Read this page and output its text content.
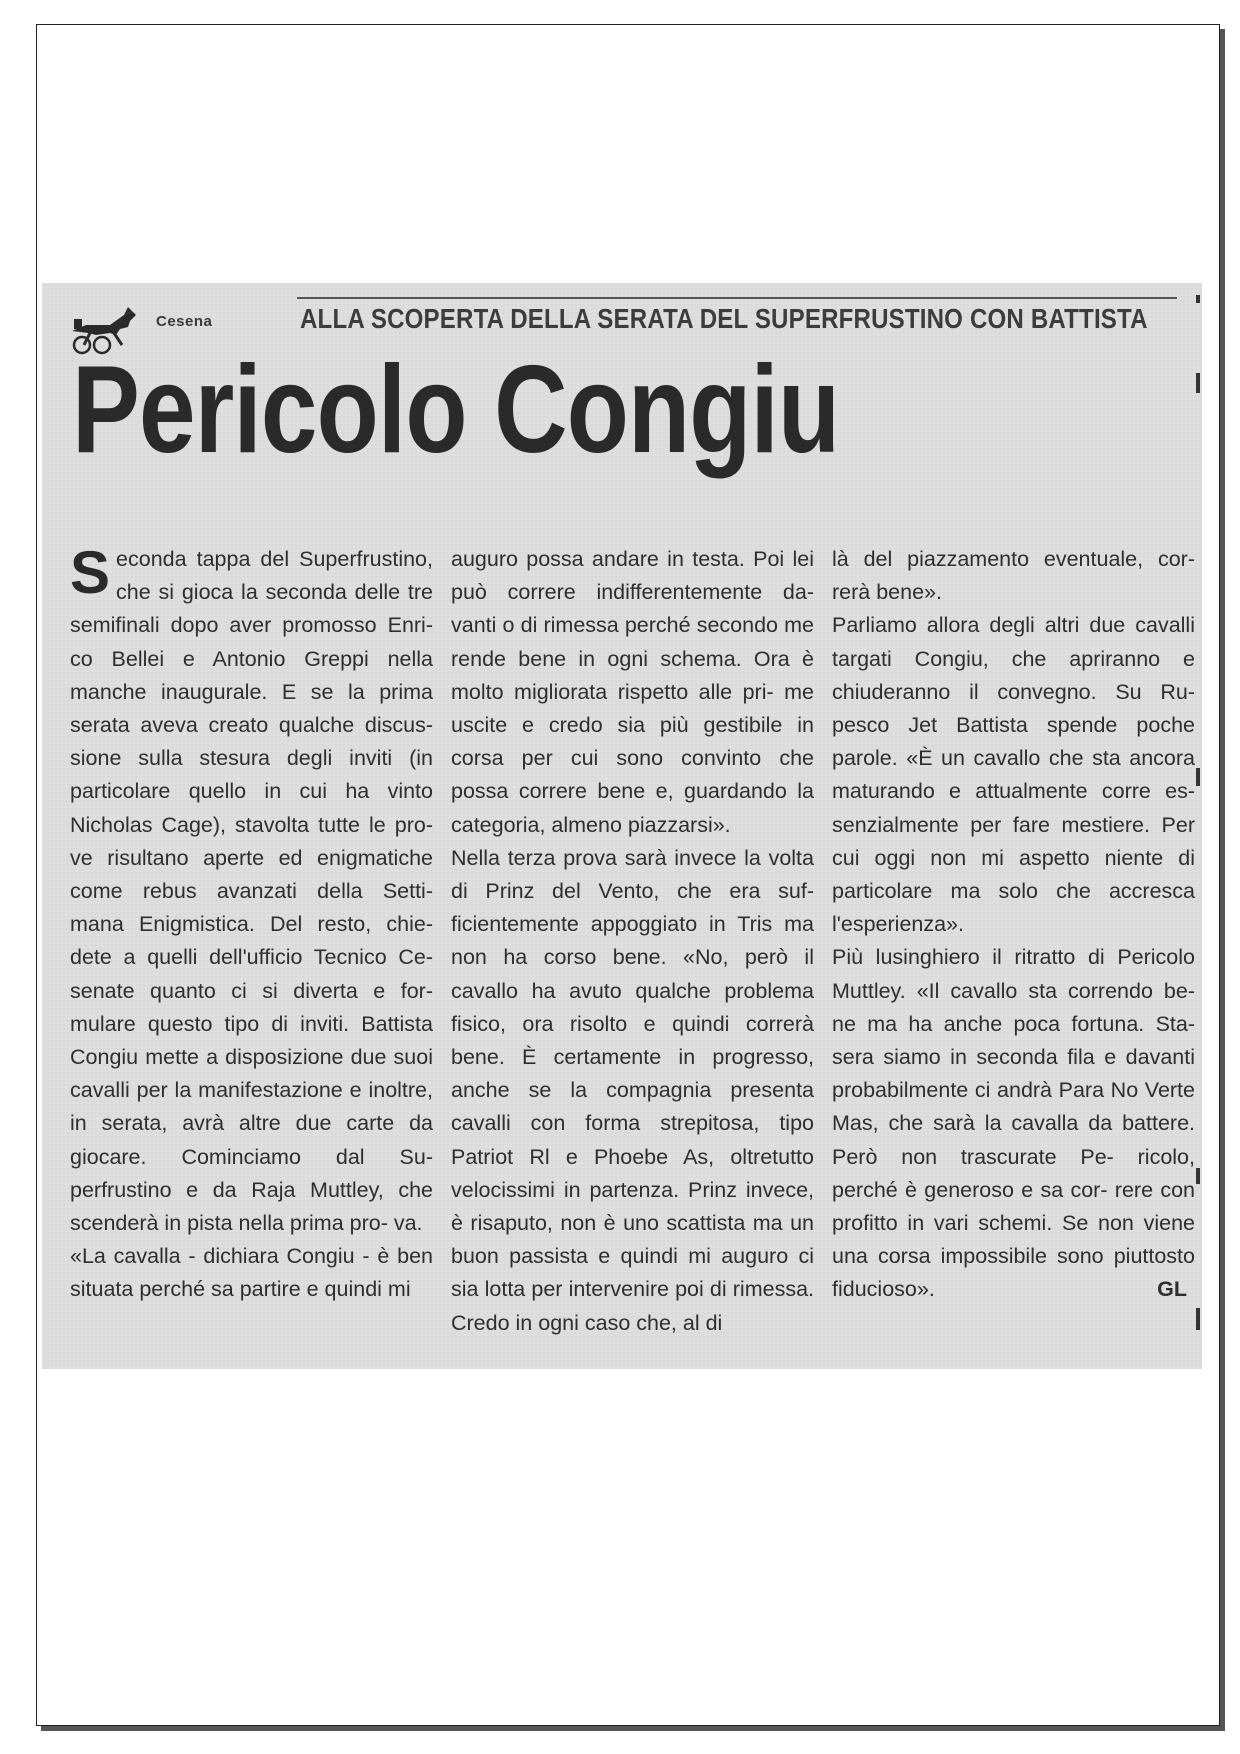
Cesena	ALLA SCOPERTA DELLA SERATA DEL SUPERFRUSTINO CON BATTISTA
Pericolo Congiu

Seconda tappa del Superfrustino, che si gioca la seconda delle tre semifinali dopo aver promosso Enri- co Bellei e Antonio Greppi nella manche inaugurale. E se la prima serata aveva creato qualche discus- sione sulla stesura degli inviti (in particolare quello in cui ha vinto Nicholas Cage), stavolta tutte le pro- ve risultano aperte ed enigmatiche come rebus avanzati della Setti- mana Enigmistica. Del resto, chie- dete a quelli dell'ufficio Tecnico Ce- senate quanto ci si diverta e for- mulare questo tipo di inviti. Battista Congiu mette a disposizione due suoi cavalli per la manifestazione e inoltre, in serata, avrà altre due carte da giocare. Cominciamo dal Su- perfrustino e da Raja Muttley, che scenderà in pista nella prima pro- va.

«La cavalla - dichiara Congiu - è ben situata perché sa partire e quindi mi

auguro possa andare in testa. Poi lei può correre indifferentemente da- vanti o di rimessa perché secondo me rende bene in ogni schema. Ora è molto migliorata rispetto alle pri- me uscite e credo sia più gestibile in corsa per cui sono convinto che possa correre bene e, guardando la categoria, almeno piazzarsi».

Nella terza prova sarà invece la volta di Prinz del Vento, che era suf- ficientemente appoggiato in Tris ma non ha corso bene. «No, però il cavallo ha avuto qualche problema fisico, ora risolto e quindi correrà bene. È certamente in progresso, anche se la compagnia presenta cavalli con forma strepitosa, tipo Patriot Rl e Phoebe As, oltretutto velocissimi in partenza. Prinz invece, è risaputo, non è uno scattista ma un buon passista e quindi mi auguro ci sia lotta per intervenire poi di rimessa. Credo in ogni caso che, al di

là del piazzamento eventuale, cor- rerà bene».

Parliamo allora degli altri due cavalli targati Congiu, che apriranno e chiuderanno il convegno. Su Ru- pesco Jet Battista spende poche parole. «È un cavallo che sta ancora maturando e attualmente corre es- senzialmente per fare mestiere. Per cui oggi non mi aspetto niente di particolare ma solo che accresca l'esperienza».

Più lusinghiero il ritratto di Pericolo Muttley. «Il cavallo sta correndo be- ne ma ha anche poca fortuna. Sta- sera siamo in seconda fila e davanti probabilmente ci andrà Para No Verte Mas, che sarà la cavalla da battere. Però non trascurate Pe- ricolo, perché è generoso e sa cor- rere con profitto in vari schemi. Se non viene una corsa impossibile sono piuttosto fiducioso».	GL
